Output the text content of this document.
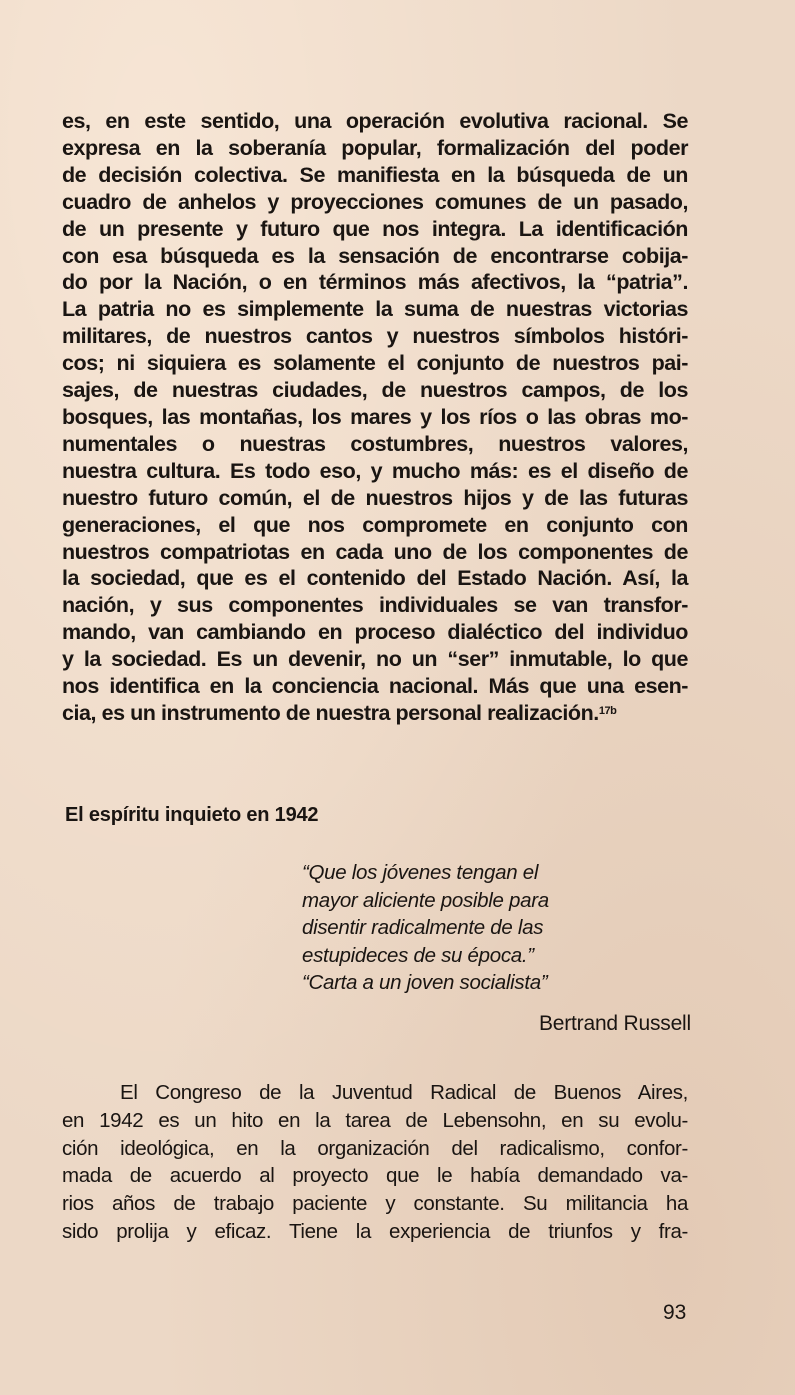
es, en este sentido, una operación evolutiva racional. Se
expresa en la soberanía popular, formalización del poder
de decisión colectiva. Se manifiesta en la búsqueda de un
cuadro de anhelos y proyecciones comunes de un pasado,
de un presente y futuro que nos integra. La identificación
con esa búsqueda es la sensación de encontrarse cobija-
do por la Nación, o en términos más afectivos, la “patria”.
La patria no es simplemente la suma de nuestras victorias
militares, de nuestros cantos y nuestros símbolos históri-
cos; ni siquiera es solamente el conjunto de nuestros pai-
sajes, de nuestras ciudades, de nuestros campos, de los
bosques, las montañas, los mares y los ríos o las obras mo-
numentales o nuestras costumbres, nuestros valores,
nuestra cultura. Es todo eso, y mucho más: es el diseño de
nuestro futuro común, el de nuestros hijos y de las futuras
generaciones, el que nos compromete en conjunto con
nuestros compatriotas en cada uno de los componentes de
la sociedad, que es el contenido del Estado Nación. Así, la
nación, y sus componentes individuales se van transfor-
mando, van cambiando en proceso dialéctico del individuo
y la sociedad. Es un devenir, no un “ser” inmutable, lo que
nos identifica en la conciencia nacional. Más que una esen-
cia, es un instrumento de nuestra personal realización.$^{17b}$
El espíritu inquieto en 1942
“Que los jóvenes tengan el
mayor aliciente posible para
disentir radicalmente de las
estupideces de su época.”
“Carta a un joven socialista”
Bertrand Russell
El Congreso de la Juventud Radical de Buenos Aires,
en 1942 es un hito en la tarea de Lebensohn, en su evolu-
ción ideológica, en la organización del radicalismo, confor-
mada de acuerdo al proyecto que le había demandado va-
rios años de trabajo paciente y constante. Su militancia ha
sido prolija y eficaz. Tiene la experiencia de triunfos y fra-
93
